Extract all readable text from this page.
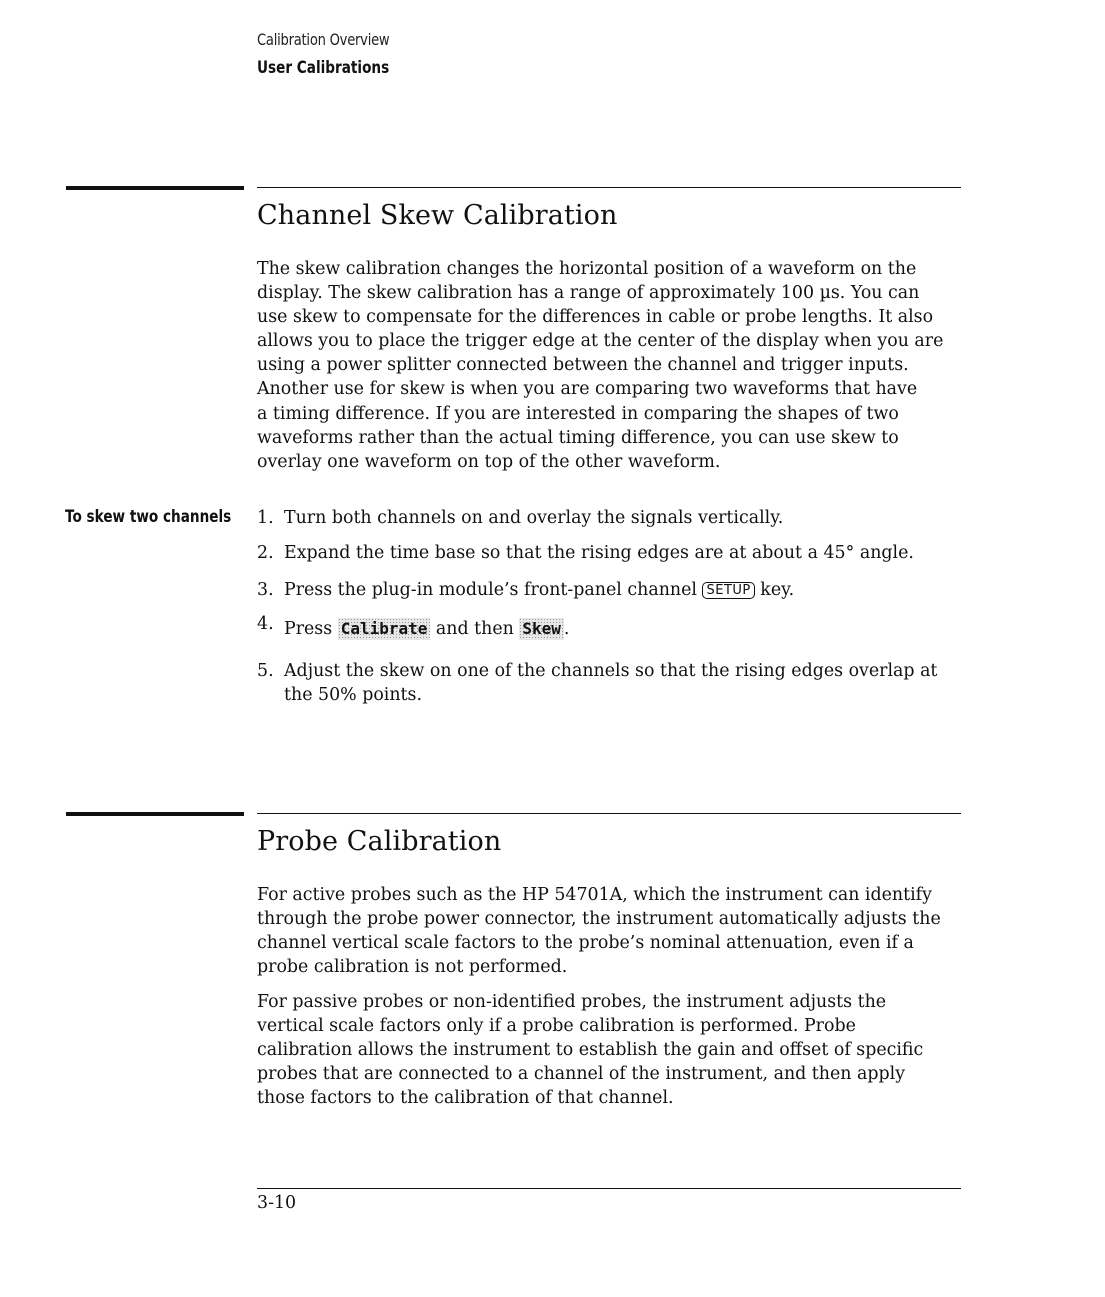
Calibration Overview
User Calibrations
Channel Skew Calibration
The skew calibration changes the horizontal position of a waveform on the
display. The skew calibration has a range of approximately 100 µs. You can
use skew to compensate for the differences in cable or probe lengths. It also
allows you to place the trigger edge at the center of the display when you are
using a power splitter connected between the channel and trigger inputs.
Another use for skew is when you are comparing two waveforms that have
a timing difference. If you are interested in comparing the shapes of two
waveforms rather than the actual timing difference, you can use skew to
overlay one waveform on top of the other waveform.
To skew two channels 1. Turn both channels on and overlay the signals vertically.
2. Expand the time base so that the rising edges are at about a 45° angle.
3. Press the plug-in module’s front-panel channel SETUP key.
4. Press Calibrate and then Skew .
5. Adjust the skew on one of the channels so that the rising edges overlap at
the 50% points.
Probe Calibration
For active probes such as the HP 54701A, which the instrument can identify
through the probe power connector, the instrument automatically adjusts the
channel vertical scale factors to the probe’s nominal attenuation, even if a
probe calibration is not performed.
For passive probes or non-identified probes, the instrument adjusts the
vertical scale factors only if a probe calibration is performed. Probe
calibration allows the instrument to establish the gain and offset of specific
probes that are connected to a channel of the instrument, and then apply
those factors to the calibration of that channel.
3-10
